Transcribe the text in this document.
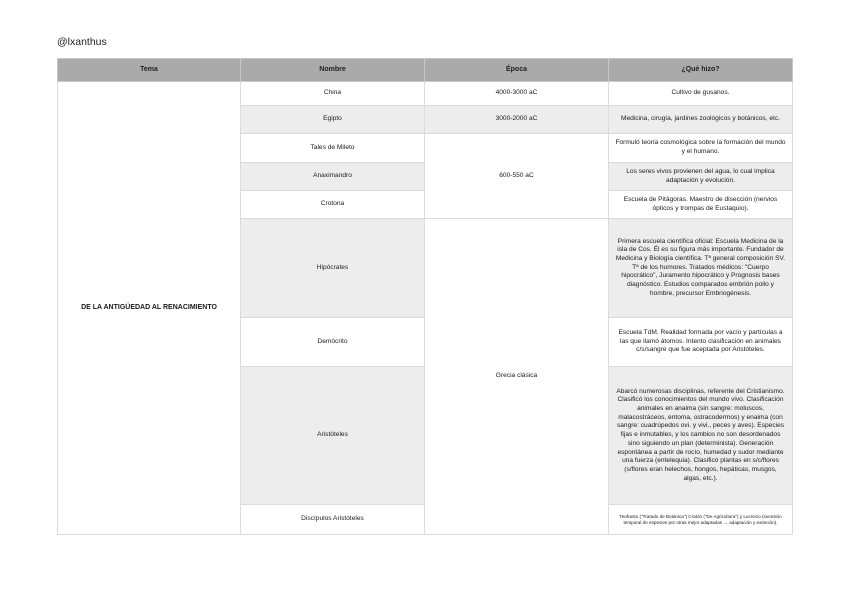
@lxanthus
Tema	Nombre	Época	¿Qué hizo?
DE LA ANTIGÜEDAD AL RENACIMIENTO	China	4000-3000 aC	Cultivo de gusanos.
	Egipto	3000-2000 aC	Medicina, cirugía, jardines zoológicos y botánicos, etc.
	Tales de Mileto	600-550 aC	Formuló teoría cosmológica sobre la formación del mundo y el humano.
	Anaximandro		Los seres vivos provienen del agua, lo cual implica adaptación y evolución.
	Crotona		Escuela de Pitágoras. Maestro de disección (nervios ópticos y trompas de Eustaquio).
	Hipócrates	Grecia clásica	Primera escuela científica oficial: Escuela Medicina de la isla de Cos. Él es su figura más importante. Fundador de Medicina y Biología científica. Tª general composición SV. Tª de los humores. Tratados médicos: "Cuerpo hipocrático", Juramento hipocrático y Prognosis bases diagnóstico. Estudios comparados embrión pollo y hombre, precursor Embriogénesis.
	Demócrito		Escuela TdM. Realidad formada por vacío y partículas a las que llamó átomos. Intento clasificación en animales c/s/sangre que fue aceptada por Aristóteles.
	Aristóteles		Abarcó numerosas disciplinas, referente del Cristianismo. Clasificó los conocimientos del mundo vivo. Clasificación animales en anaima (sin sangre: moluscos, malacostráceos, entoma, ostracodermos) y enaima (con sangre: cuadrúpedos ovi. y vivi., peces y aves). Especies fijas e inmutables, y los cambios no son desordenados sino siguiendo un plan (determinista). Generación espontánea a partir de rocío, humedad y sudor mediante una fuerza (entelequia). Clasificó plantas en s/c/flores (s/flores eran helechos, hongos, hepáticas, musgos, algas, etc.).
	Discípulos Aristóteles		Teofrasto ("Tratado de Botánica") Cratón ("De Agricultura") y Lucrecio (sucesión temporal de especies por otras mejor adaptadas → adaptación y extinción).
